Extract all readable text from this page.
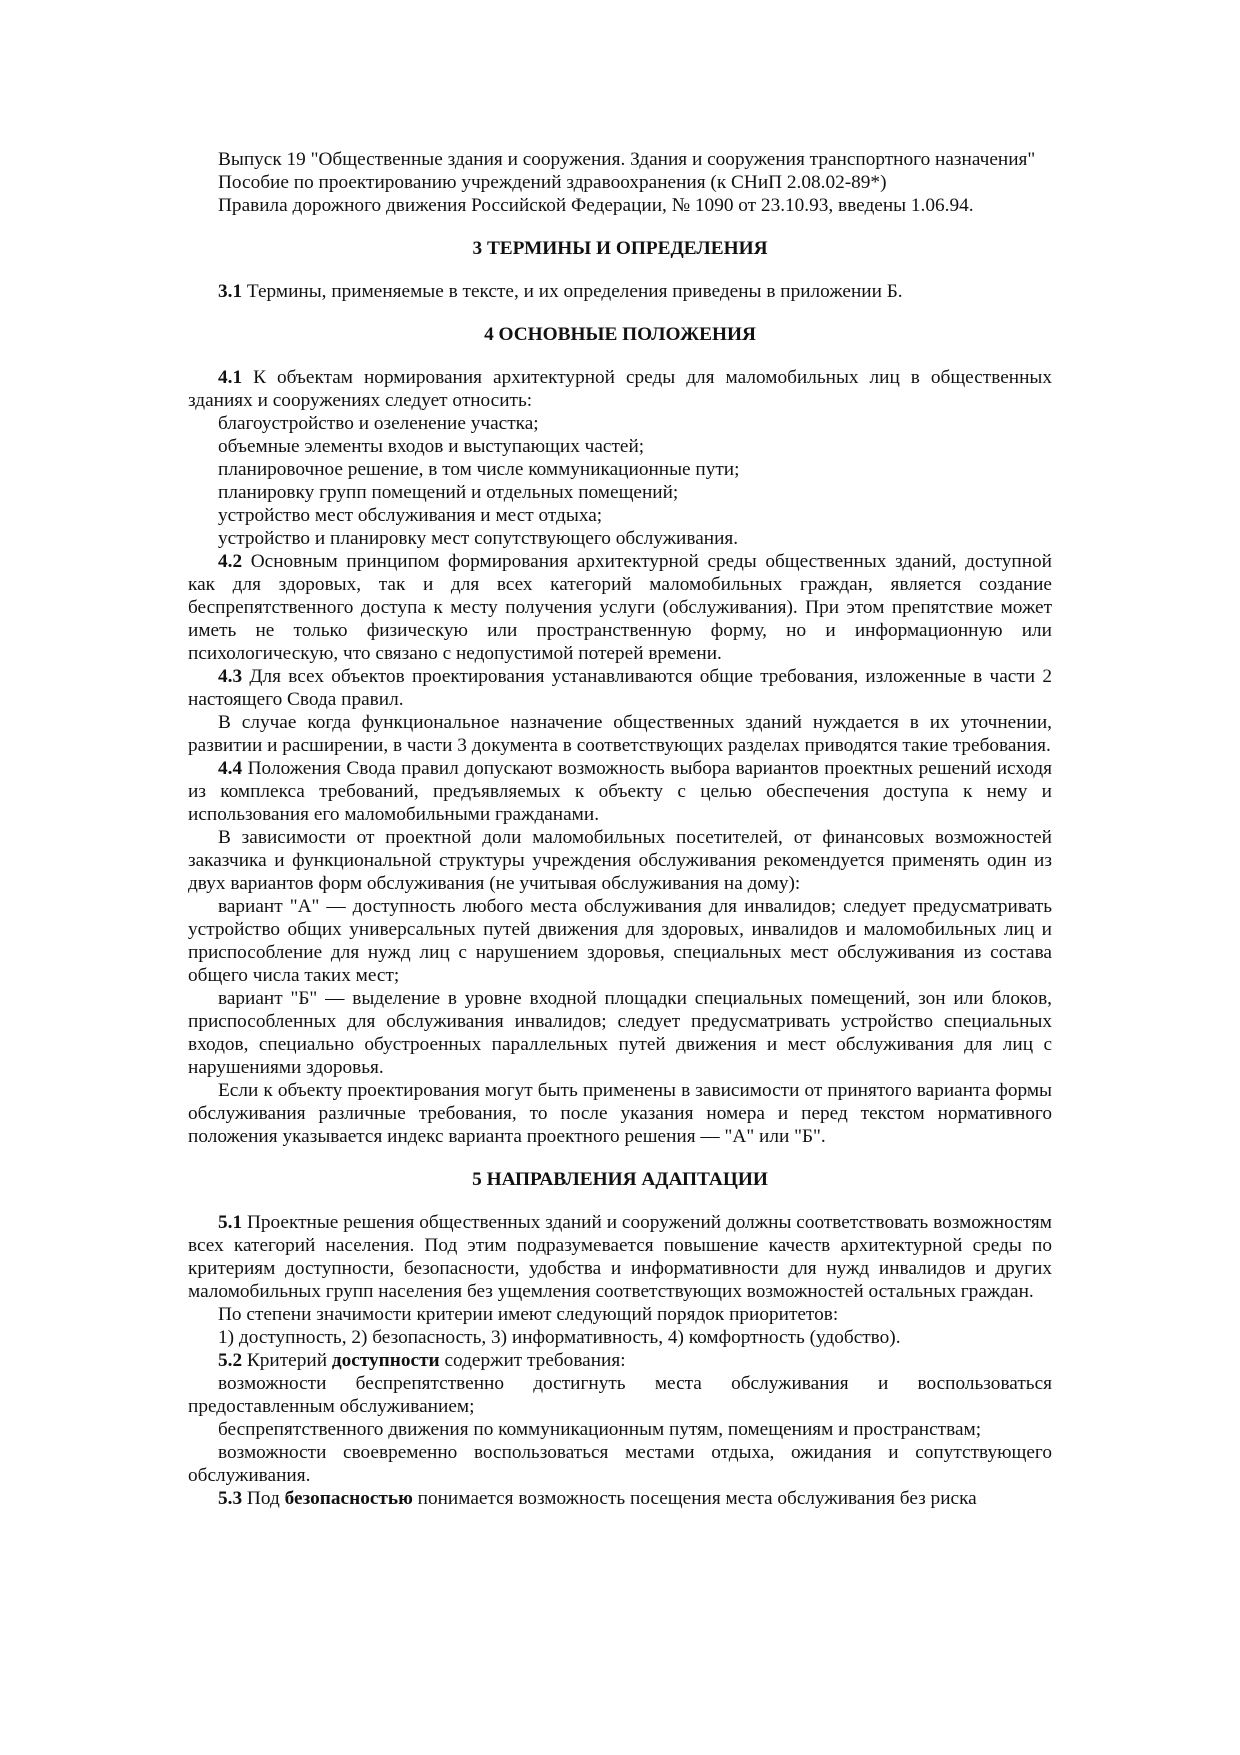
Выпуск 19 "Общественные здания и сооружения. Здания и сооружения транспортного назначения"

Пособие по проектированию учреждений здравоохранения (к СНиП 2.08.02-89*)

Правила дорожного движения Российской Федерации, № 1090 от 23.10.93, введены 1.06.94.

3 ТЕРМИНЫ И ОПРЕДЕЛЕНИЯ

3.1 Термины, применяемые в тексте, и их определения приведены в приложении Б.

4 ОСНОВНЫЕ ПОЛОЖЕНИЯ

4.1 К объектам нормирования архитектурной среды для маломобильных лиц в общественных зданиях и сооружениях следует относить:

благоустройство и озеленение участка;

объемные элементы входов и выступающих частей;

планировочное решение, в том числе коммуникационные пути;

планировку групп помещений и отдельных помещений;

устройство мест обслуживания и мест отдыха;

устройство и планировку мест сопутствующего обслуживания.

4.2 Основным принципом формирования архитектурной среды общественных зданий, доступной как для здоровых, так и для всех категорий маломобильных граждан, является создание беспрепятственного доступа к месту получения услуги (обслуживания). При этом препятствие может иметь не только физическую или пространственную форму, но и информационную или психологическую, что связано с недопустимой потерей времени.

4.3 Для всех объектов проектирования устанавливаются общие требования, изложенные в части 2 настоящего Свода правил.

В случае когда функциональное назначение общественных зданий нуждается в их уточнении, развитии и расширении, в части 3 документа в соответствующих разделах приводятся такие требования.

4.4 Положения Свода правил допускают возможность выбора вариантов проектных решений исходя из комплекса требований, предъявляемых к объекту с целью обеспечения доступа к нему и использования его маломобильными гражданами.

В зависимости от проектной доли маломобильных посетителей, от финансовых возможностей заказчика и функциональной структуры учреждения обслуживания рекомендуется применять один из двух вариантов форм обслуживания (не учитывая обслуживания на дому):

вариант "А" — доступность любого места обслуживания для инвалидов; следует предусматривать устройство общих универсальных путей движения для здоровых, инвалидов и маломобильных лиц и приспособление для нужд лиц с нарушением здоровья, специальных мест обслуживания из состава общего числа таких мест;

вариант "Б" — выделение в уровне входной площадки специальных помещений, зон или блоков, приспособленных для обслуживания инвалидов; следует предусматривать устройство специальных входов, специально обустроенных параллельных путей движения и мест обслуживания для лиц с нарушениями здоровья.

Если к объекту проектирования могут быть применены в зависимости от принятого варианта формы обслуживания различные требования, то после указания номера и перед текстом нормативного положения указывается индекс варианта проектного решения — "А" или "Б".

5 НАПРАВЛЕНИЯ АДАПТАЦИИ

5.1 Проектные решения общественных зданий и сооружений должны соответствовать возможностям всех категорий населения. Под этим подразумевается повышение качеств архитектурной среды по критериям доступности, безопасности, удобства и информативности для нужд инвалидов и других маломобильных групп населения без ущемления соответствующих возможностей остальных граждан.

По степени значимости критерии имеют следующий порядок приоритетов:

1) доступность, 2) безопасность, 3) информативность, 4) комфортность (удобство).

5.2 Критерий доступности содержит требования:

возможности беспрепятственно достигнуть места обслуживания и воспользоваться предоставленным обслуживанием;

беспрепятственного движения по коммуникационным путям, помещениям и пространствам;

возможности своевременно воспользоваться местами отдыха, ожидания и сопутствующего обслуживания.

5.3 Под безопасностью понимается возможность посещения места обслуживания без риска
